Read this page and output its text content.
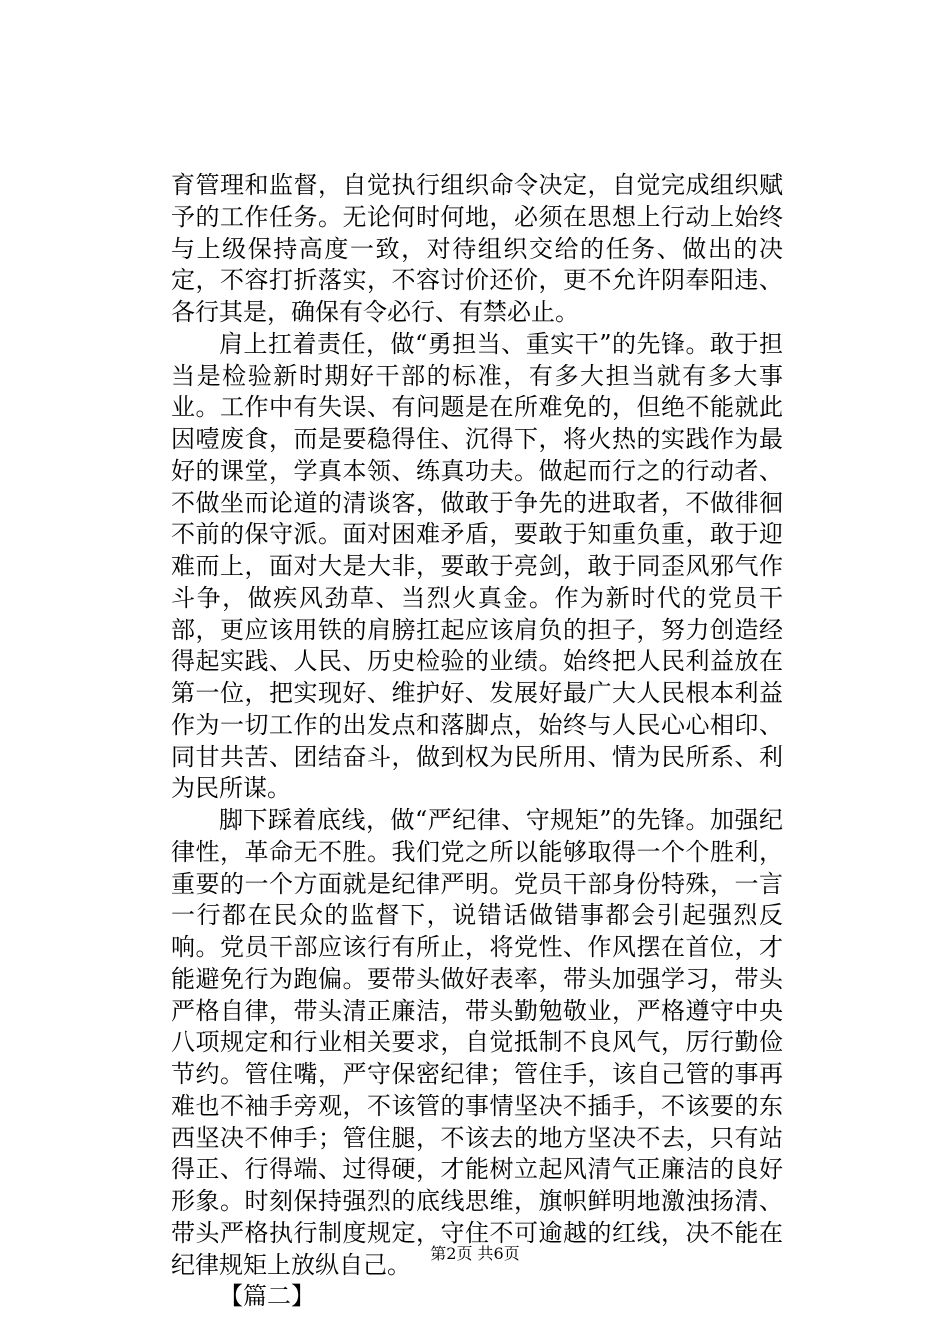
育管理和监督，自觉执行组织命令决定，自觉完成组织赋予的工作任务。无论何时何地，必须在思想上行动上始终与上级保持高度一致，对待组织交给的任务、做出的决定，不容打折落实，不容讨价还价，更不允许阴奉阳违、各行其是，确保有令必行、有禁必止。

肩上扛着责任，做“勇担当、重实干”的先锋。敢于担当是检验新时期好干部的标准，有多大担当就有多大事业。工作中有失误、有问题是在所难免的，但绝不能就此因噎废食，而是要稳得住、沉得下，将火热的实践作为最好的课堂，学真本领、练真功夫。做起而行之的行动者、不做坐而论道的清谈客，做敢于争先的进取者，不做徘徊不前的保守派。面对困难矛盾，要敢于知重负重，敢于迎难而上，面对大是大非，要敢于亮剑，敢于同歪风邪气作斗争，做疾风劲草、当烈火真金。作为新时代的党员干部，更应该用铁的肩膀扛起应该肩负的担子，努力创造经得起实践、人民、历史检验的业绩。始终把人民利益放在第一位，把实现好、维护好、发展好最广大人民根本利益作为一切工作的出发点和落脚点，始终与人民心心相印、同甘共苦、团结奋斗，做到权为民所用、情为民所系、利为民所谋。

脚下踩着底线，做“严纪律、守规矩”的先锋。加强纪律性，革命无不胜。我们党之所以能够取得一个个胜利，重要的一个方面就是纪律严明。党员干部身份特殊，一言一行都在民众的监督下，说错话做错事都会引起强烈反响。党员干部应该行有所止，将党性、作风摆在首位，才能避免行为跑偏。要带头做好表率，带头加强学习，带头严格自律，带头清正廉洁，带头勤勉敬业，严格遵守中央八项规定和行业相关要求，自觉抵制不良风气，厉行勤俭节约。管住嘴，严守保密纪律；管住手，该自己管的事再难也不袖手旁观，不该管的事情坚决不插手，不该要的东西坚决不伸手；管住腿，不该去的地方坚决不去，只有站得正、行得端、过得硬，才能树立起风清气正廉洁的良好形象。时刻保持强烈的底线思维，旗帜鲜明地激浊扬清、带头严格执行制度规定，守住不可逾越的红线，决不能在纪律规矩上放纵自己。

【篇二】

第2页 共6页
